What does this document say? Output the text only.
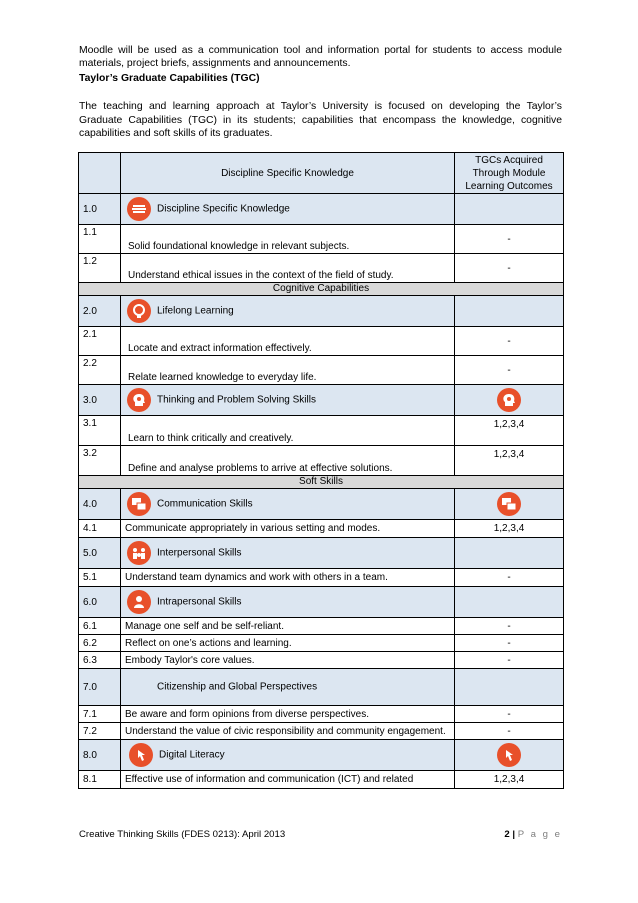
Moodle will be used as a communication tool and information portal for students to access module materials, project briefs, assignments and announcements.
Taylor’s Graduate Capabilities (TGC)
The teaching and learning approach at Taylor’s University is focused on developing the Taylor’s Graduate Capabilities (TGC) in its students; capabilities that encompass the knowledge, cognitive capabilities and soft skills of its graduates.
	Discipline Specific Knowledge	TGCs Acquired Through Module Learning Outcomes
1.0	Discipline Specific Knowledge	

1.1	Solid foundational knowledge in relevant subjects.	-
1.2	Understand ethical issues in the context of the field of study.	-
Cognitive Capabilities		
2.0	Lifelong Learning	

2.1	Locate and extract information effectively.	-
2.2	Relate learned knowledge to everyday life.	-
3.0	Thinking and Problem Solving Skills

3.1	Learn to think critically and creatively.	1,2,3,4
3.2	Define and analyse problems to arrive at effective solutions.	1,2,3,4
Soft Skills		
4.0	Communication Skills

4.1	Communicate appropriately in various setting and modes.	1,2,3,4
5.0	Interpersonal Skills	

5.1	Understand team dynamics and work with others in a team.	-
6.0	Intrapersonal Skills	

6.1	Manage one self and be self-reliant.	-
6.2	Reflect on one’s actions and learning.	-
6.3	Embody Taylor's core values.	-
7.0	Citizenship and Global Perspectives	

7.1	Be aware and form opinions from diverse perspectives.	-
7.2	Understand the value of civic responsibility and community engagement.	-
8.0	Digital Literacy

8.1	Effective use of information and communication (ICT) and related	1,2,3,4
Creative Thinking Skills (FDES 0213): April 2013	2 | P a g e
